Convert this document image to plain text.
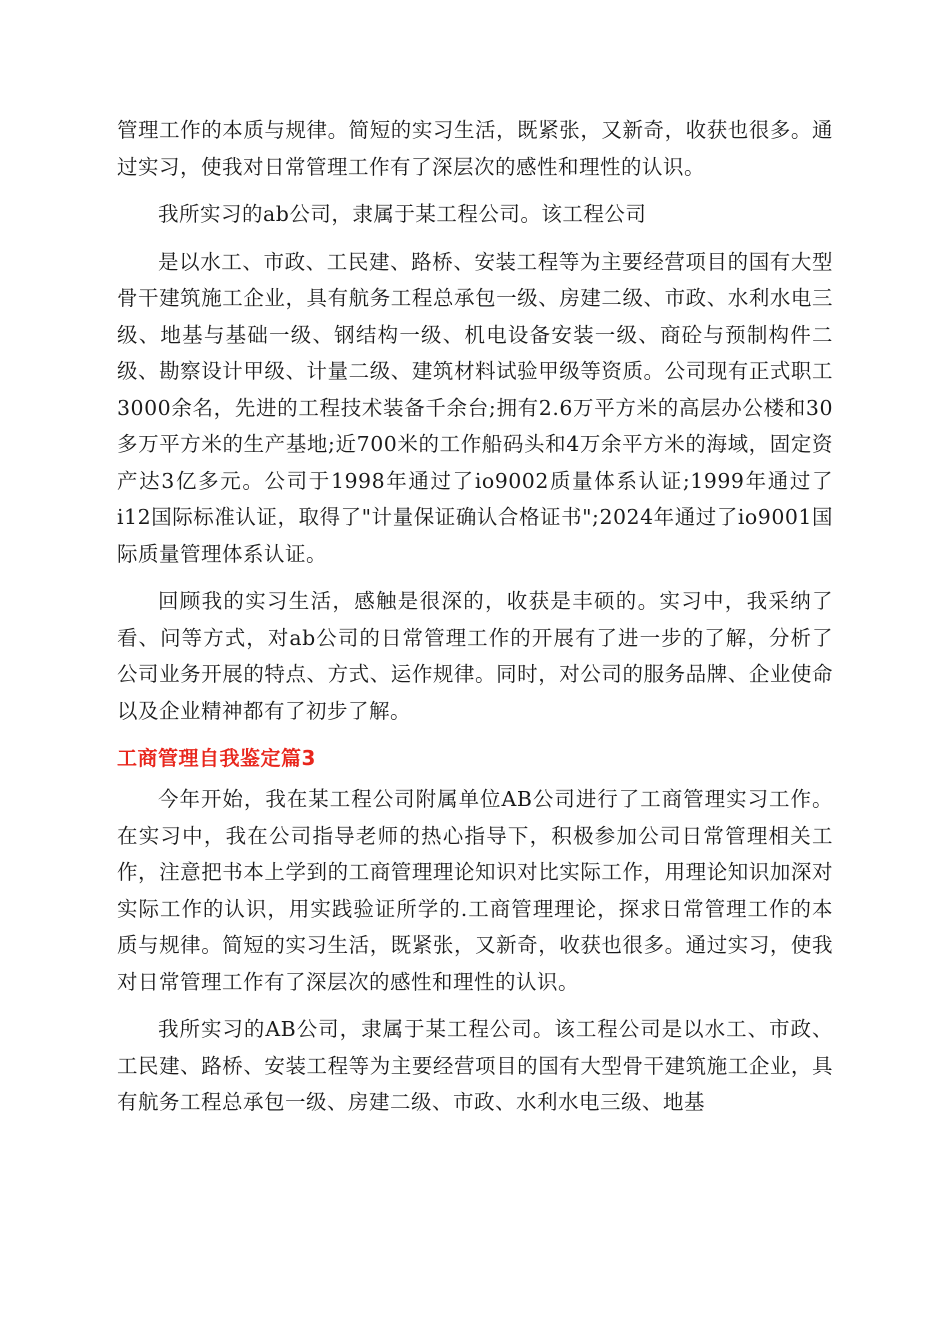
管理工作的本质与规律。简短的实习生活，既紧张，又新奇，收获也很多。通过实习，使我对日常管理工作有了深层次的感性和理性的认识。

我所实习的ab公司，隶属于某工程公司。该工程公司

是以水工、市政、工民建、路桥、安装工程等为主要经营项目的国有大型骨干建筑施工企业，具有航务工程总承包一级、房建二级、市政、水利水电三级、地基与基础一级、钢结构一级、机电设备安装一级、商砼与预制构件二级、勘察设计甲级、计量二级、建筑材料试验甲级等资质。公司现有正式职工3000余名，先进的工程技术装备千余台;拥有2.6万平方米的高层办公楼和30多万平方米的生产基地;近700米的工作船码头和4万余平方米的海域，固定资产达3亿多元。公司于1998年通过了io9002质量体系认证;1999年通过了i12国际标准认证，取得了"计量保证确认合格证书";2024年通过了io9001国际质量管理体系认证。

回顾我的实习生活，感触是很深的，收获是丰硕的。实习中，我采纳了看、问等方式，对ab公司的日常管理工作的开展有了进一步的了解，分析了公司业务开展的特点、方式、运作规律。同时，对公司的服务品牌、企业使命以及企业精神都有了初步了解。

工商管理自我鉴定篇3

今年开始，我在某工程公司附属单位AB公司进行了工商管理实习工作。在实习中，我在公司指导老师的热心指导下，积极参加公司日常管理相关工作，注意把书本上学到的工商管理理论知识对比实际工作，用理论知识加深对实际工作的认识，用实践验证所学的.工商管理理论，探求日常管理工作的本质与规律。简短的实习生活，既紧张，又新奇，收获也很多。通过实习，使我对日常管理工作有了深层次的感性和理性的认识。

我所实习的AB公司，隶属于某工程公司。该工程公司是以水工、市政、工民建、路桥、安装工程等为主要经营项目的国有大型骨干建筑施工企业，具有航务工程总承包一级、房建二级、市政、水利水电三级、地基
